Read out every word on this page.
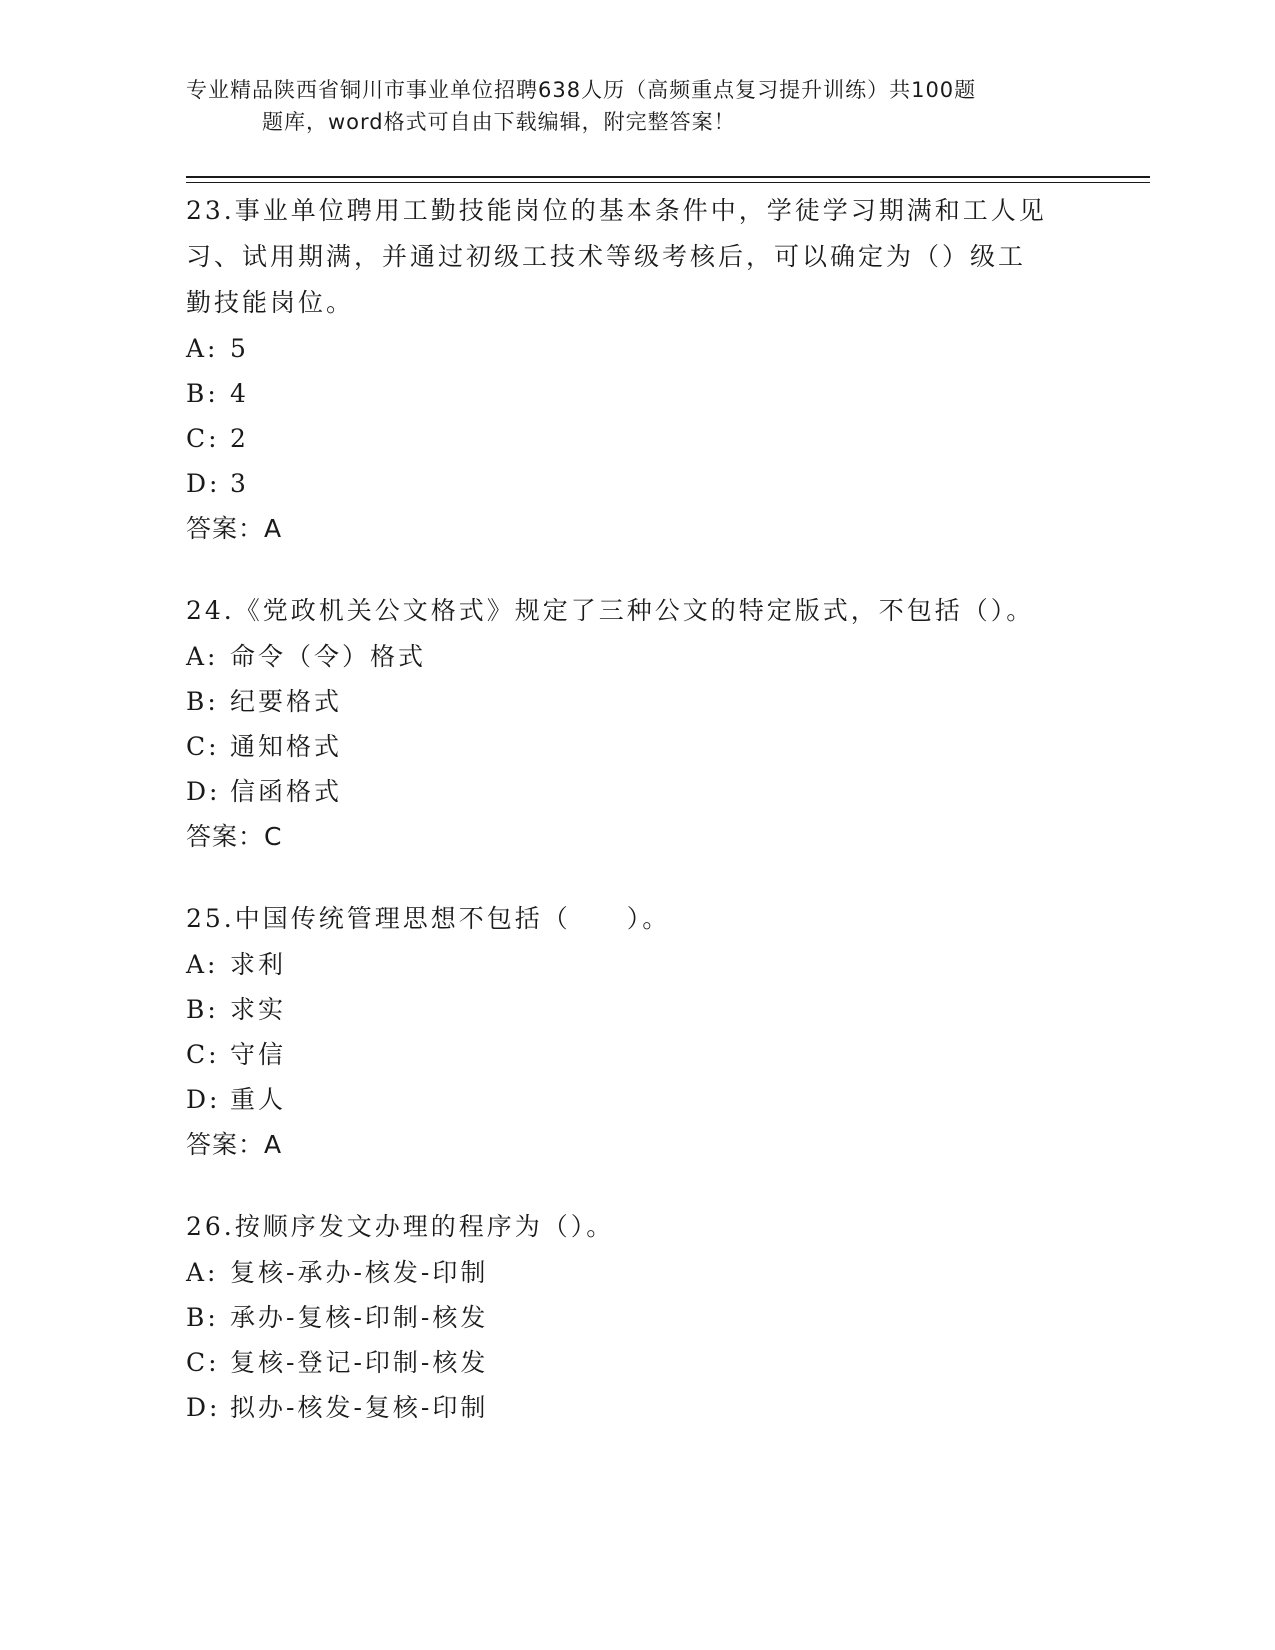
专业精品陕西省铜川市事业单位招聘638人历（高频重点复习提升训练）共100题
题库，word格式可自由下载编辑，附完整答案！
23.事业单位聘用工勤技能岗位的基本条件中，学徒学习期满和工人见
习、试用期满，并通过初级工技术等级考核后，可以确定为（）级工
勤技能岗位。
A: 5
B: 4
C: 2
D: 3
答案：A
24.《党政机关公文格式》规定了三种公文的特定版式，不包括（）。
A: 命令（令）格式
B: 纪要格式
C: 通知格式
D: 信函格式
答案：C
25.中国传统管理思想不包括（　　）。
A: 求利
B: 求实
C: 守信
D: 重人
答案：A
26.按顺序发文办理的程序为（）。
A: 复核-承办-核发-印制
B: 承办-复核-印制-核发
C: 复核-登记-印制-核发
D: 拟办-核发-复核-印制
